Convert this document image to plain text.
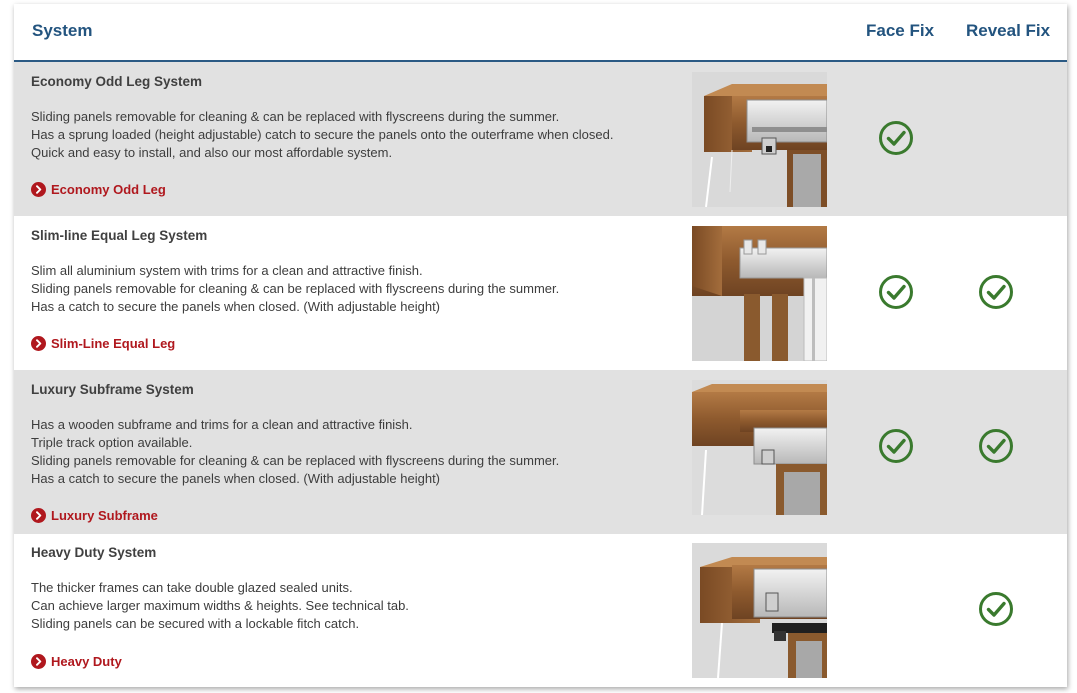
System	Face Fix Reveal Fix
Economy Odd Leg System
Sliding panels removable for cleaning & can be replaced with flyscreens during the summer.
Has a sprung loaded (height adjustable) catch to secure the panels onto the outerframe when closed.
Quick and easy to install, and also our most affordable system.
Economy Odd Leg
Slim-line Equal Leg System
Slim all aluminium system with trims for a clean and attractive finish.
Sliding panels removable for cleaning & can be replaced with flyscreens during the summer.
Has a catch to secure the panels when closed. (With adjustable height)
Slim-Line Equal Leg
Luxury Subframe System
Has a wooden subframe and trims for a clean and attractive finish.
Triple track option available.
Sliding panels removable for cleaning & can be replaced with flyscreens during the summer.
Has a catch to secure the panels when closed. (With adjustable height)
Luxury Subframe
Heavy Duty System
The thicker frames can take double glazed sealed units.
Can achieve larger maximum widths & heights. See technical tab.
Sliding panels can be secured with a lockable fitch catch.
Heavy Duty
